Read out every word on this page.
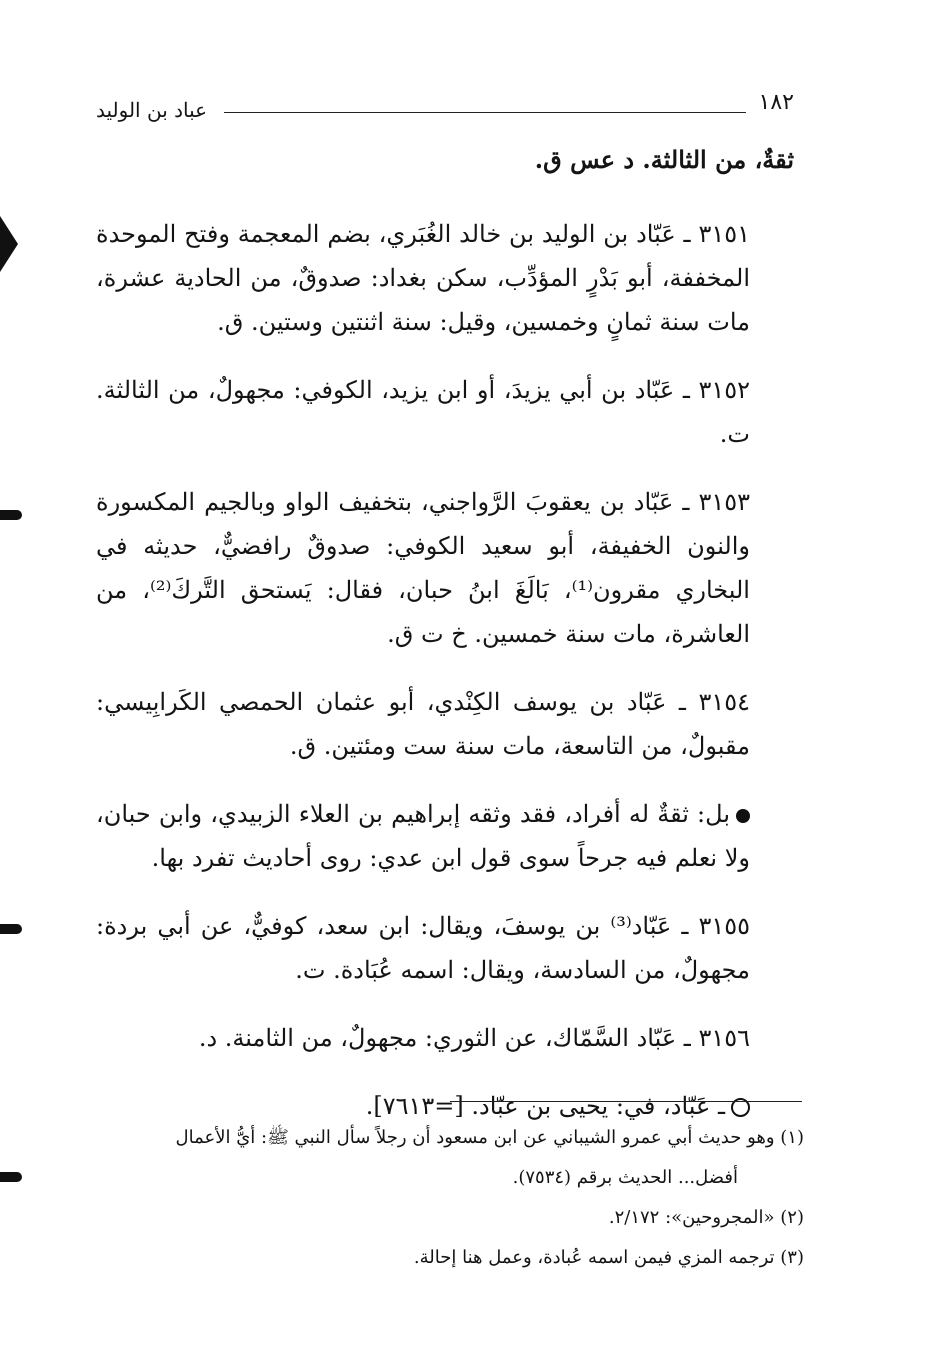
١٨٢
عباد بن الوليد

ثقةٌ، من الثالثة. د عس ق.

٣١٥١ ـ عَبّاد بن الوليد بن خالد الغُبَري، بضم المعجمة وفتح الموحدة المخففة، أبو بَدْرٍ المؤدِّب، سكن بغداد: صدوقٌ، من الحادية عشرة، مات سنة ثمانٍ وخمسين، وقيل: سنة اثنتين وستين. ق.

٣١٥٢ ـ عَبّاد بن أبي يزيدَ، أو ابن يزيد، الكوفي: مجهولٌ، من الثالثة. ت.

٣١٥٣ ـ عَبّاد بن يعقوبَ الرَّواجني، بتخفيف الواو وبالجيم المكسورة والنون الخفيفة، أبو سعيد الكوفي: صدوقٌ رافضيٌّ، حديثه في البخاري مقرون⁽¹⁾، بَالَغَ ابنُ حبان، فقال: يَستحق التَّركَ⁽²⁾، من العاشرة، مات سنة خمسين. خ ت ق.

٣١٥٤ ـ عَبّاد بن يوسف الكِنْدي، أبو عثمان الحمصي الكَرابِيسي: مقبولٌ، من التاسعة، مات سنة ست ومئتين. ق.

بل: ثقةٌ له أفراد، فقد وثقه إبراهيم بن العلاء الزبيدي، وابن حبان، ولا نعلم فيه جرحاً سوى قول ابن عدي: روى أحاديث تفرد بها.

٣١٥٥ ـ عَبّاد⁽³⁾ بن يوسفَ، ويقال: ابن سعد، كوفيٌّ، عن أبي بردة: مجهولٌ، من السادسة، ويقال: اسمه عُبَادة. ت.

٣١٥٦ ـ عَبّاد السَّمّاك، عن الثوري: مجهولٌ، من الثامنة. د.

ـ عَبّاد، في: يحيى بن عبّاد. [=٧٦١٣].

(١) وهو حديث أبي عمرو الشيباني عن ابن مسعود أن رجلاً سأل النبي ﷺ: أيُّ الأعمال

أفضل... الحديث برقم (٧٥٣٤).

(٢) «المجروحين»: ٢/١٧٢.

(٣) ترجمه المزي فيمن اسمه عُبادة، وعمل هنا إحالة.
